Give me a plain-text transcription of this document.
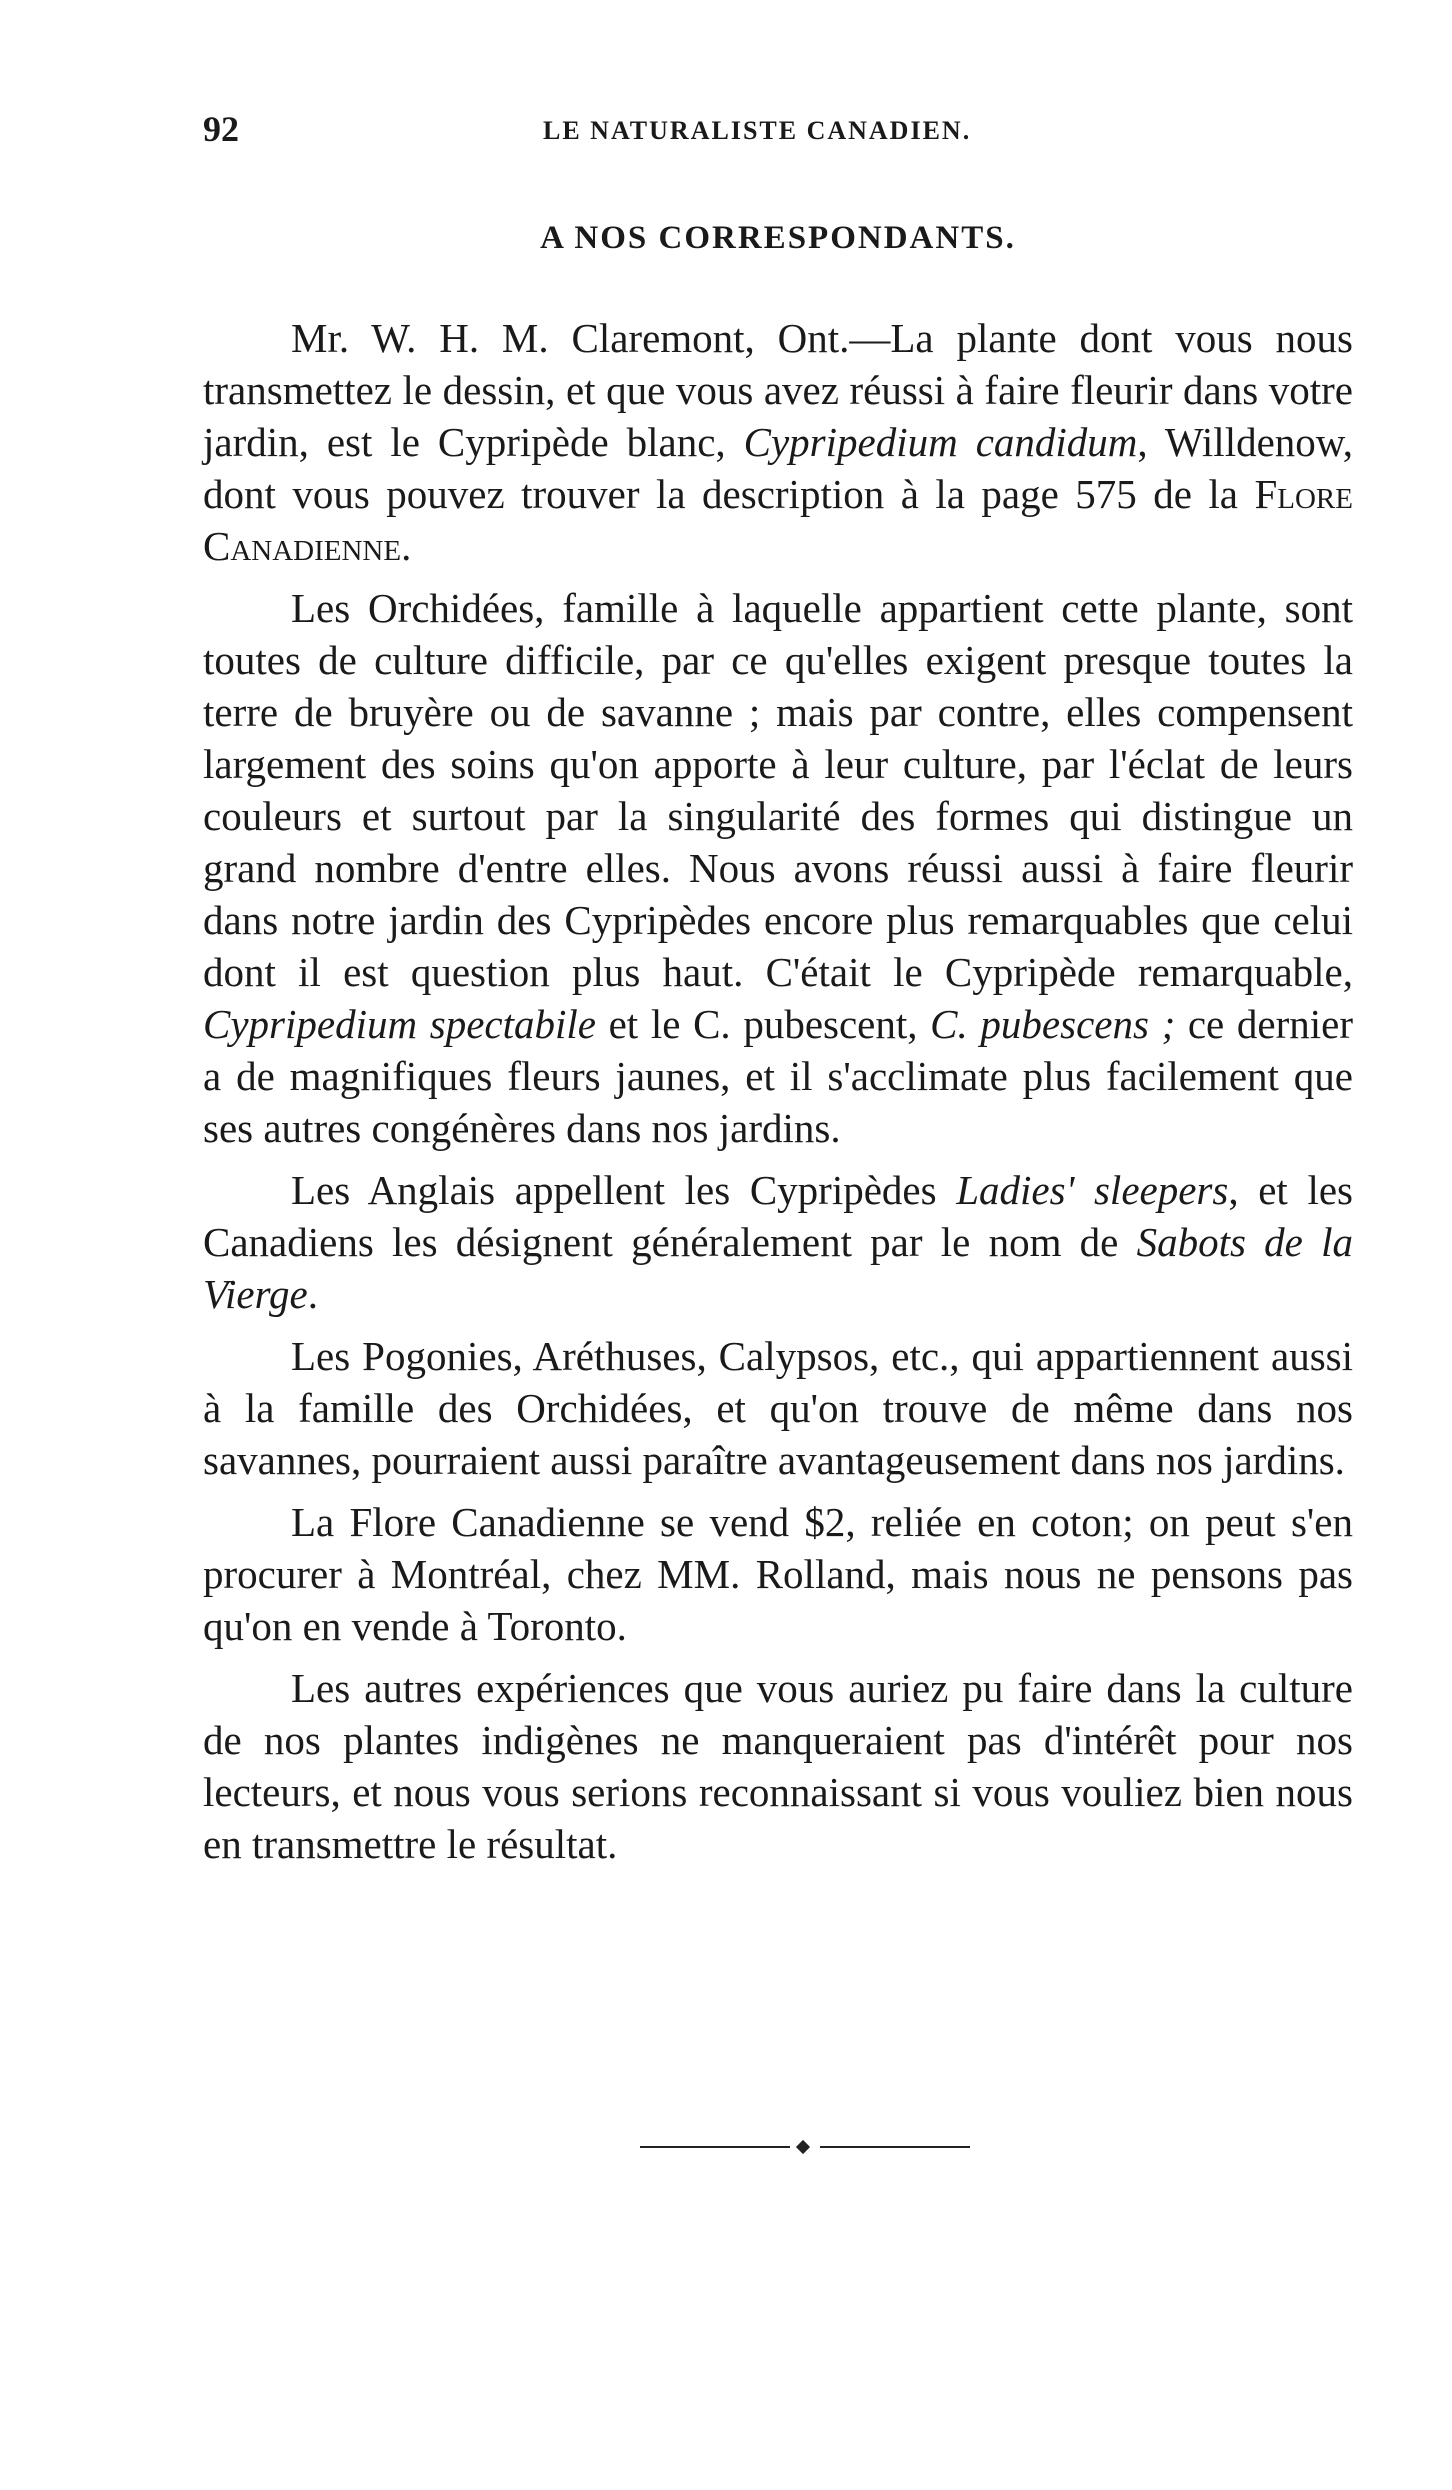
92	LE NATURALISTE CANADIEN.
A NOS CORRESPONDANTS.

Mr. W. H. M. Claremont, Ont.—La plante dont vous nous transmettez le dessin, et que vous avez réussi à faire fleurir dans votre jardin, est le Cypripède blanc, Cypripedium candidum, Willdenow, dont vous pouvez trouver la description à la page 575 de la Flore Canadienne.

Les Orchidées, famille à laquelle appartient cette plante, sont toutes de culture difficile, par ce qu'elles exigent presque toutes la terre de bruyère ou de savanne ; mais par contre, elles compensent largement des soins qu'on apporte à leur culture, par l'éclat de leurs couleurs et surtout par la singularité des formes qui distingue un grand nombre d'entre elles. Nous avons réussi aussi à faire fleurir dans notre jardin des Cypripèdes encore plus remarquables que celui dont il est question plus haut. C'était le Cypripède remarquable, Cypripedium spectabile et le C. pubescent, C. pubescens ; ce dernier a de magnifiques fleurs jaunes, et il s'acclimate plus facilement que ses autres congénères dans nos jardins.

Les Anglais appellent les Cypripèdes Ladies' sleepers, et les Canadiens les désignent généralement par le nom de Sabots de la Vierge.

Les Pogonies, Aréthuses, Calypsos, etc., qui appartiennent aussi à la famille des Orchidées, et qu'on trouve de même dans nos savannes, pourraient aussi paraître avantageusement dans nos jardins.

La Flore Canadienne se vend $2, reliée en coton; on peut s'en procurer à Montréal, chez MM. Rolland, mais nous ne pensons pas qu'on en vende à Toronto.

Les autres expériences que vous auriez pu faire dans la culture de nos plantes indigènes ne manqueraient pas d'intérêt pour nos lecteurs, et nous vous serions reconnaissant si vous vouliez bien nous en transmettre le résultat.
